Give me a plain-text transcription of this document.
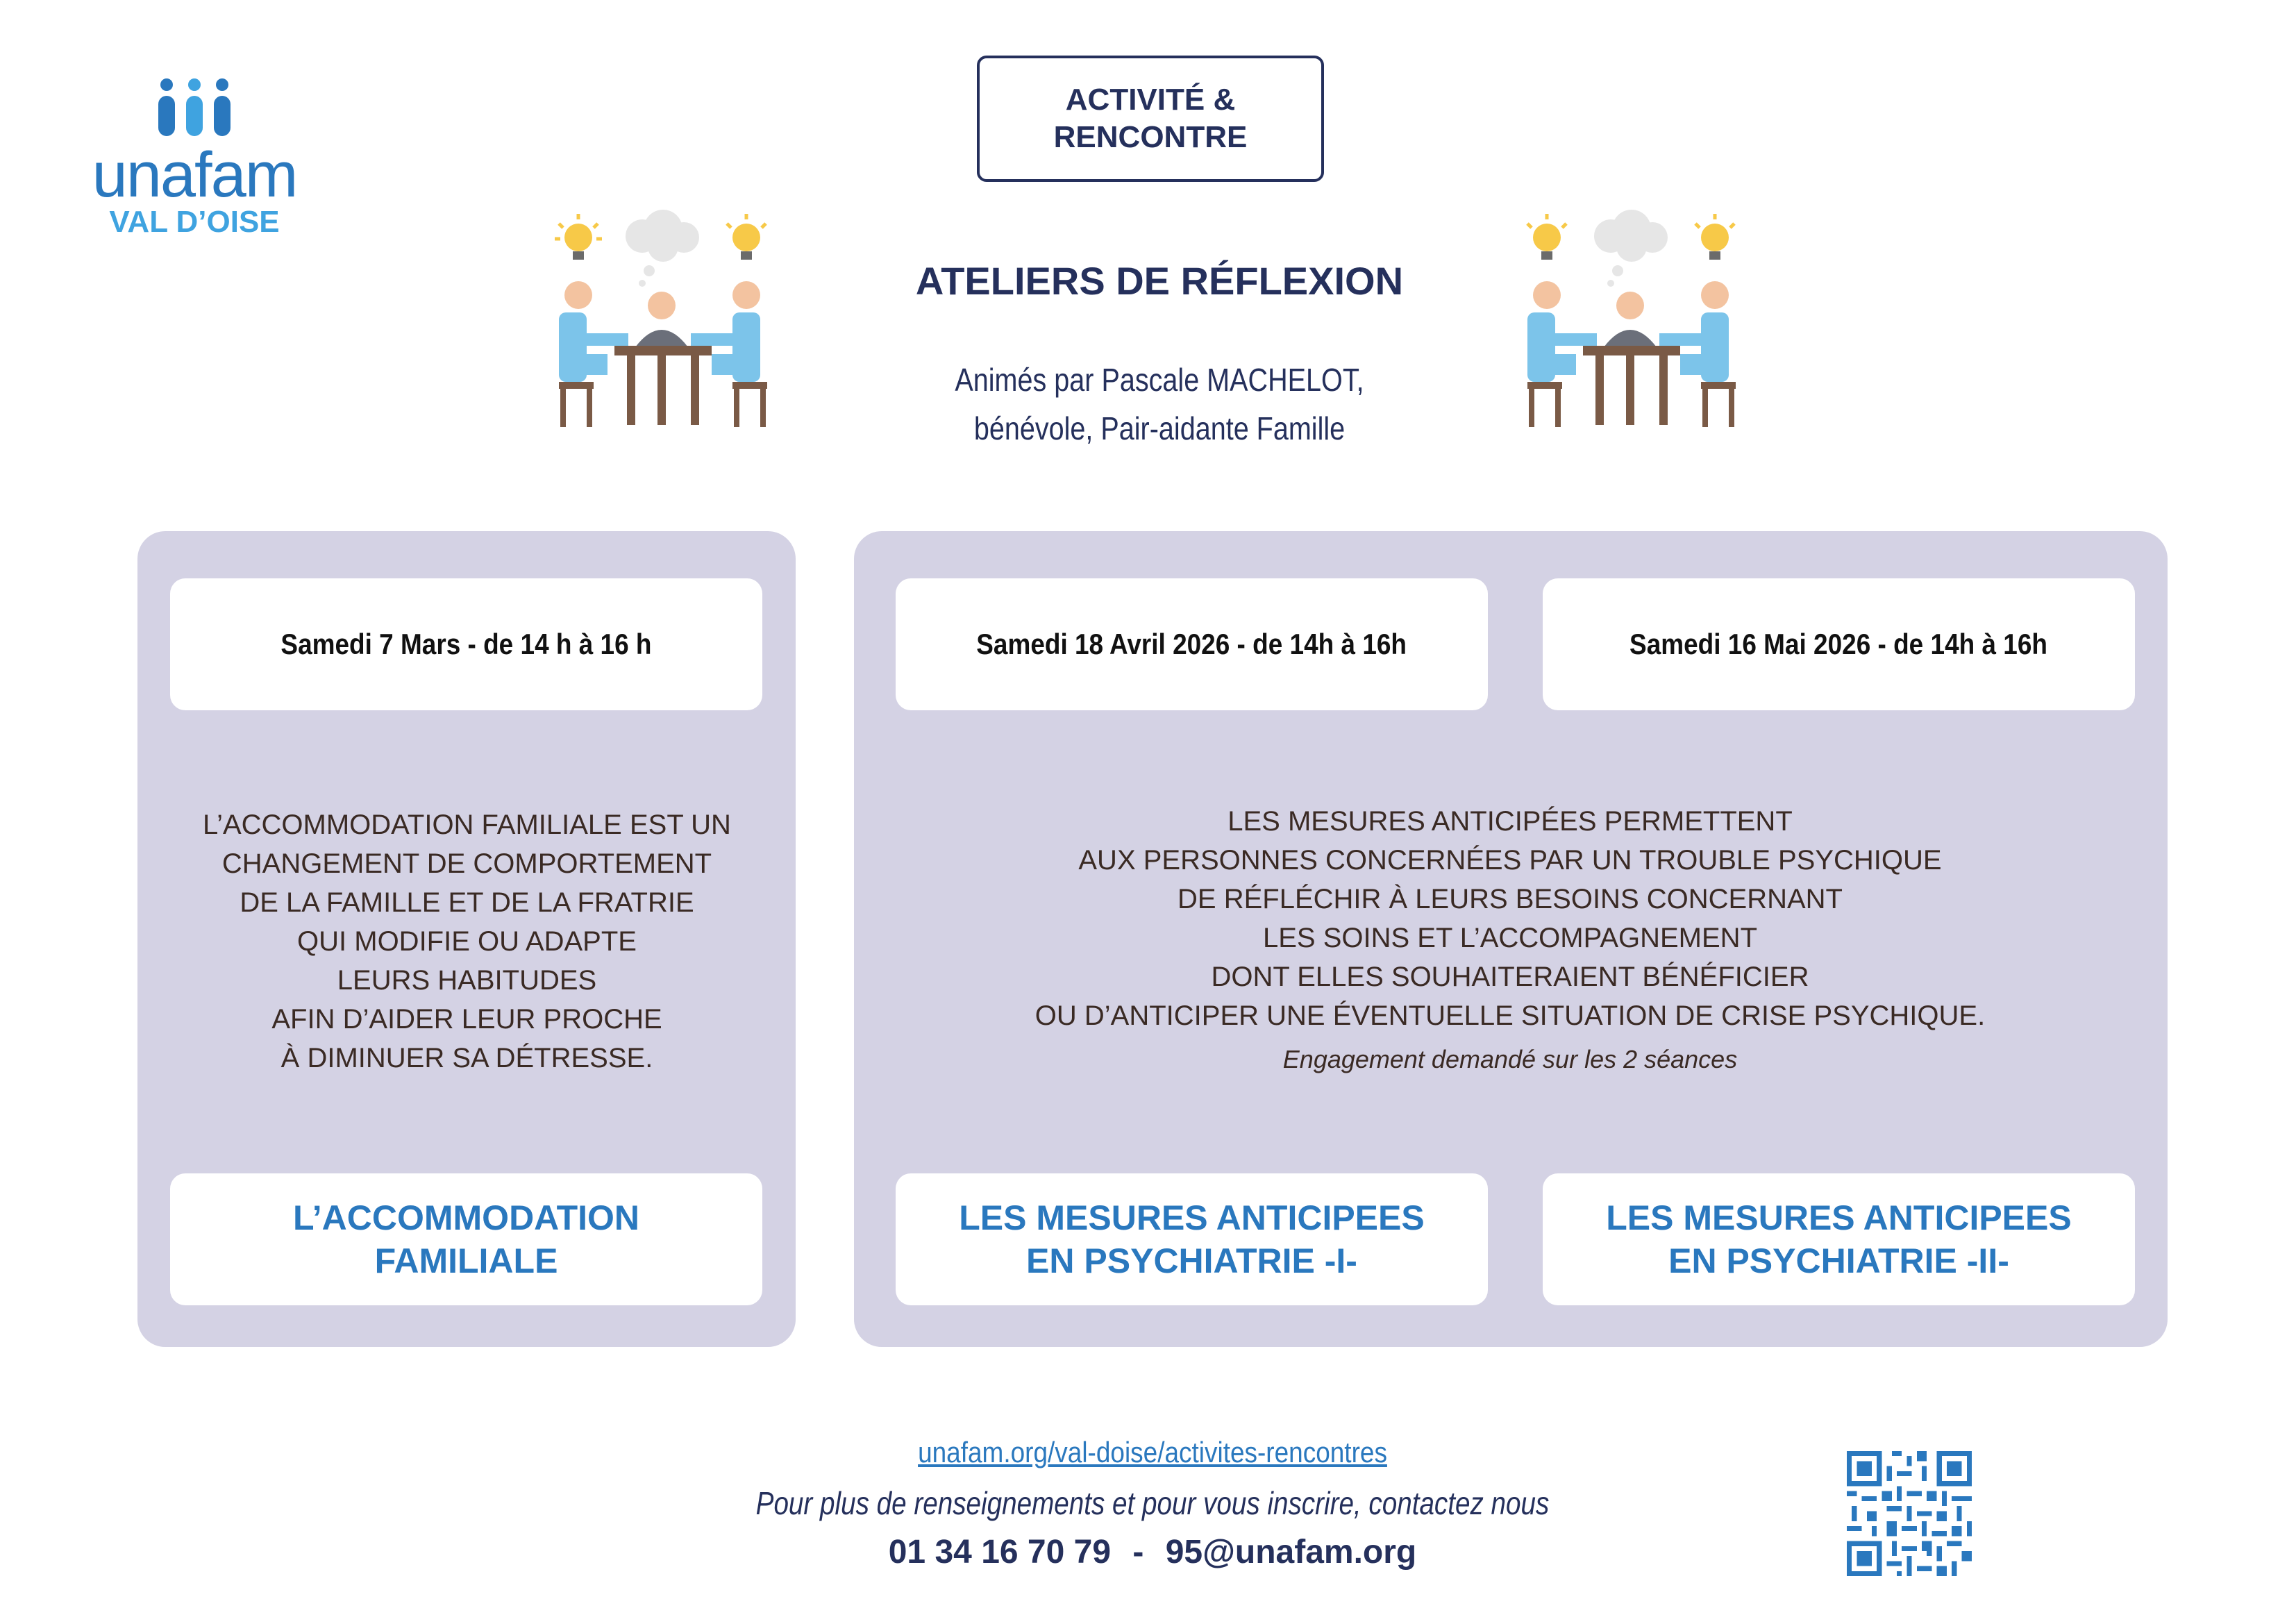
unafam
VAL D’OISE
ACTIVITÉ &
RENCONTRE
ATELIERS DE RÉFLEXION
Animés par Pascale MACHELOT,
bénévole, Pair-aidante Famille
Samedi 7 Mars - de 14 h à 16 h
L’ACCOMMODATION FAMILIALE EST UN
CHANGEMENT DE COMPORTEMENT
DE LA FAMILLE ET DE LA FRATRIE
QUI MODIFIE OU ADAPTE
LEURS HABITUDES
AFIN D’AIDER LEUR PROCHE
À DIMINUER SA DÉTRESSE.
L’ACCOMMODATION
FAMILIALE
Samedi 18 Avril 2026 - de 14h à 16h	Samedi 16 Mai 2026 - de 14h à 16h
LES MESURES ANTICIPÉES PERMETTENT
AUX PERSONNES CONCERNÉES PAR UN TROUBLE PSYCHIQUE
DE RÉFLÉCHIR À LEURS BESOINS CONCERNANT
LES SOINS ET L’ACCOMPAGNEMENT
DONT ELLES SOUHAITERAIENT BÉNÉFICIER
OU D’ANTICIPER UNE ÉVENTUELLE SITUATION DE CRISE PSYCHIQUE.
Engagement demandé sur les 2 séances
LES MESURES ANTICIPEES
EN PSYCHIATRIE -I-
LES MESURES ANTICIPEES
EN PSYCHIATRIE -II-
unafam.org/val-doise/activites-rencontres
Pour plus de renseignements et pour vous inscrire, contactez nous
01 34 16 70 79 - 95@unafam.org
